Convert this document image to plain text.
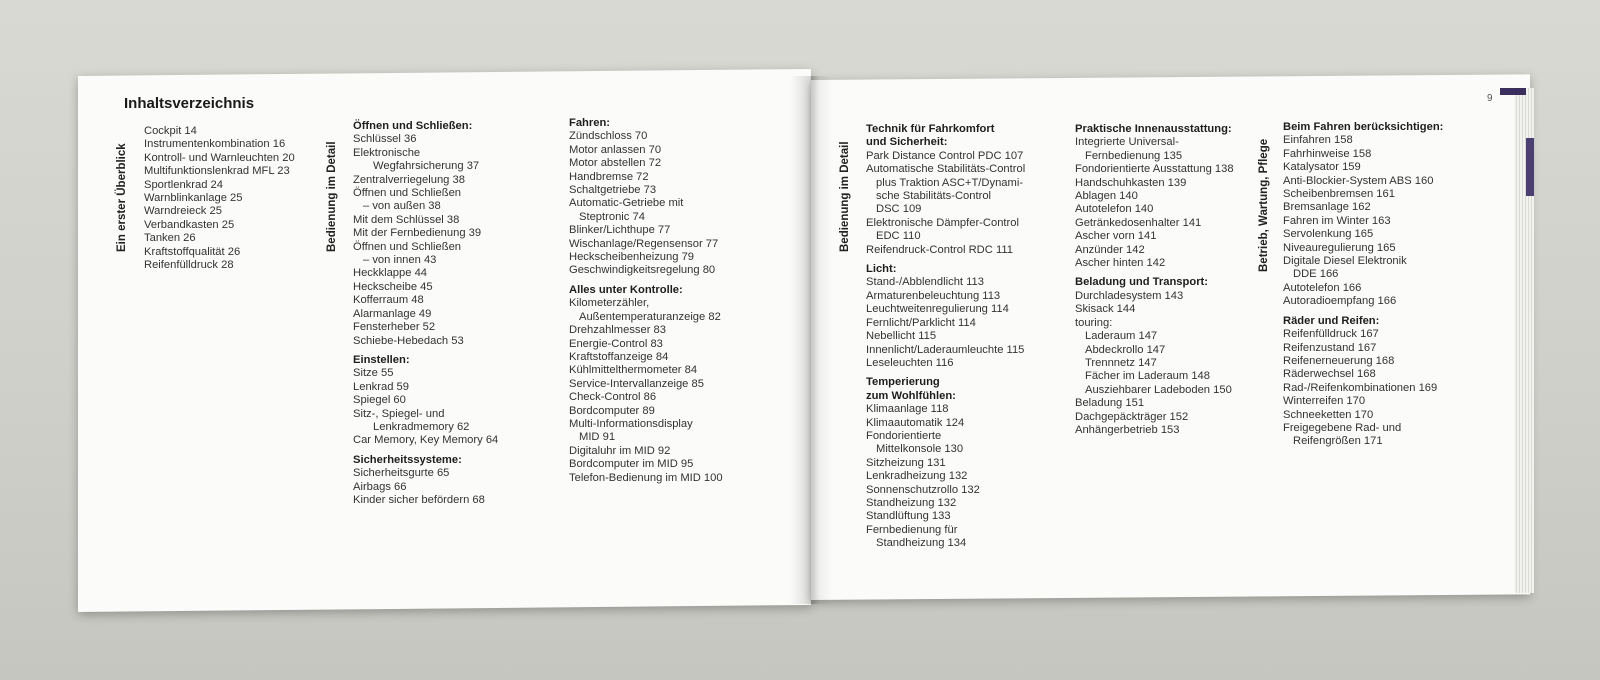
9
Inhaltsverzeichnis
Ein erster Überblick	Bedienung im Detail	Bedienung im Detail	Betrieb, Wartung, Pflege
Cockpit 14
Instrumentenkombination 16
Kontroll- und Warnleuchten 20
Multifunktionslenkrad MFL 23
Sportlenkrad 24
Warnblinkanlage 25
Warndreieck 25
Verbandkasten 25
Tanken 26
Kraftstoffqualität 26
Reifenfülldruck 28
Öffnen und Schließen:
Schlüssel 36
Elektronische
Wegfahrsicherung 37
Zentralverriegelung 38
Öffnen und Schließen
– von außen 38
Mit dem Schlüssel 38
Mit der Fernbedienung 39
Öffnen und Schließen
– von innen 43
Heckklappe 44
Heckscheibe 45
Kofferraum 48
Alarmanlage 49
Fensterheber 52
Schiebe-Hebedach 53
Einstellen:
Sitze 55
Lenkrad 59
Spiegel 60
Sitz-, Spiegel- und
Lenkradmemory 62
Car Memory, Key Memory 64
Sicherheitssysteme:
Sicherheitsgurte 65
Airbags 66
Kinder sicher befördern 68
Fahren:
Zündschloss 70
Motor anlassen 70
Motor abstellen 72
Handbremse 72
Schaltgetriebe 73
Automatic-Getriebe mit
Steptronic 74
Blinker/Lichthupe 77
Wischanlage/Regensensor 77
Heckscheibenheizung 79
Geschwindigkeitsregelung 80
Alles unter Kontrolle:
Kilometerzähler,
Außentemperaturanzeige 82
Drehzahlmesser 83
Energie-Control 83
Kraftstoffanzeige 84
Kühlmittelthermometer 84
Service-Intervallanzeige 85
Check-Control 86
Bordcomputer 89
Multi-Informationsdisplay
MID 91
Digitaluhr im MID 92
Bordcomputer im MID 95
Telefon-Bedienung im MID 100
Technik für Fahrkomfort
und Sicherheit:
Park Distance Control PDC 107
Automatische Stabilitäts-Control
plus Traktion ASC+T/Dynami-
sche Stabilitäts-Control
DSC 109
Elektronische Dämpfer-Control
EDC 110
Reifendruck-Control RDC 111
Licht:
Stand-/Abblendlicht 113
Armaturenbeleuchtung 113
Leuchtweitenregulierung 114
Fernlicht/Parklicht 114
Nebellicht 115
Innenlicht/Laderaumleuchte 115
Leseleuchten 116
Temperierung
zum Wohlfühlen:
Klimaanlage 118
Klimaautomatik 124
Fondorientierte
Mittelkonsole 130
Sitzheizung 131
Lenkradheizung 132
Sonnenschutzrollo 132
Standheizung 132
Standlüftung 133
Fernbedienung für
Standheizung 134
Praktische Innenausstattung:
Integrierte Universal-
Fernbedienung 135
Fondorientierte Ausstattung 138
Handschuhkasten 139
Ablagen 140
Autotelefon 140
Getränkedosenhalter 141
Ascher vorn 141
Anzünder 142
Ascher hinten 142
Beladung und Transport:
Durchladesystem 143
Skisack 144
touring:
Laderaum 147
Abdeckrollo 147
Trennnetz 147
Fächer im Laderaum 148
Ausziehbarer Ladeboden 150
Beladung 151
Dachgepäckträger 152
Anhängerbetrieb 153
Beim Fahren berücksichtigen:
Einfahren 158
Fahrhinweise 158
Katalysator 159
Anti-Blockier-System ABS 160
Scheibenbremsen 161
Bremsanlage 162
Fahren im Winter 163
Servolenkung 165
Niveauregulierung 165
Digitale Diesel Elektronik
DDE 166
Autotelefon 166
Autoradioempfang 166
Räder und Reifen:
Reifenfülldruck 167
Reifenzustand 167
Reifenerneuerung 168
Räderwechsel 168
Rad-/Reifenkombinationen 169
Winterreifen 170
Schneeketten 170
Freigegebene Rad- und
Reifengrößen 171
